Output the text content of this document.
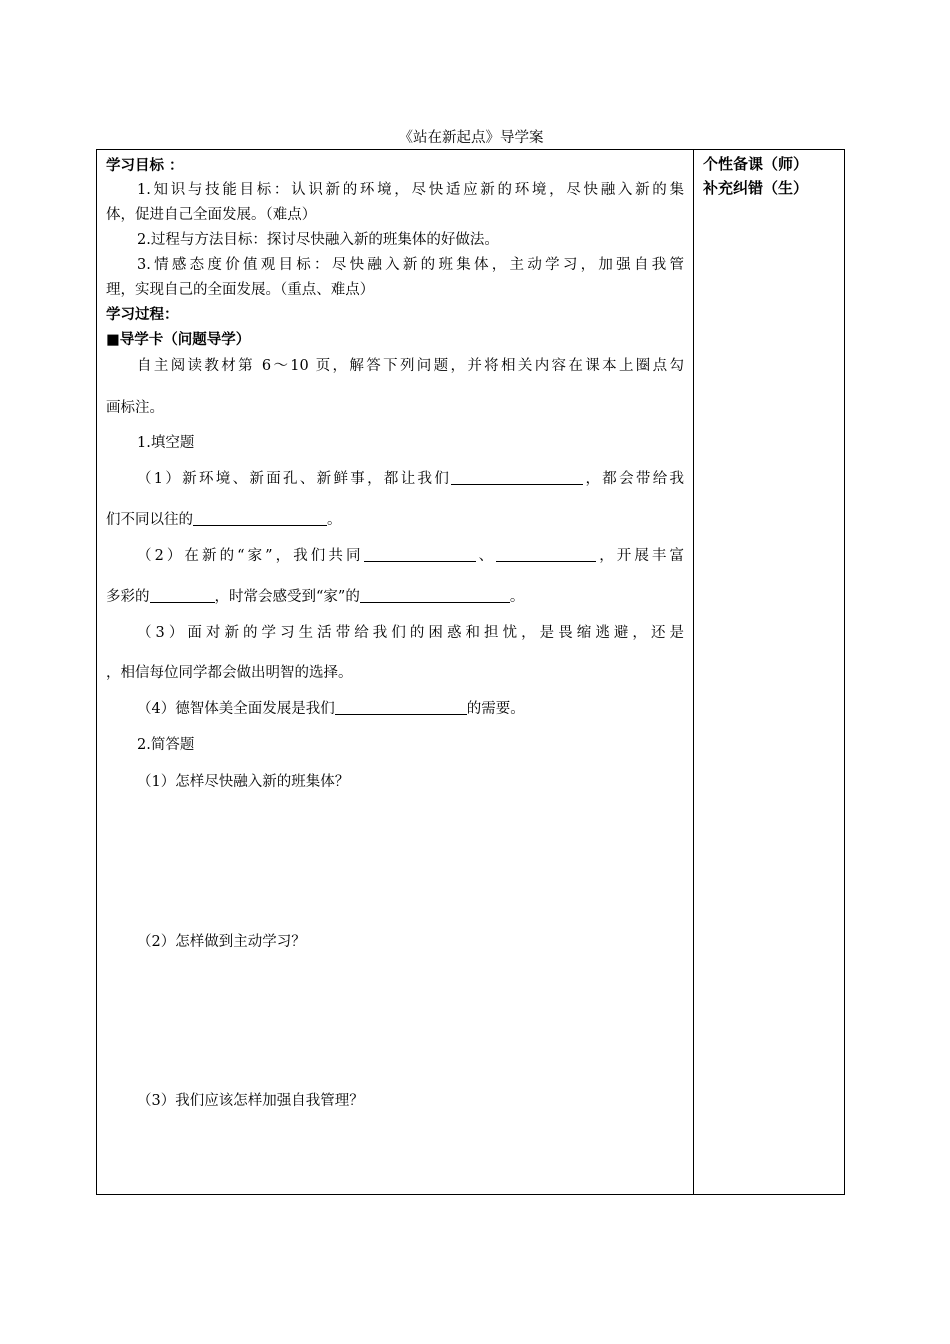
《站在新起点》导学案
个性备课（师）
补充纠错（生）
学习目标 ：
1.知识与技能目标：认识新的环境，尽快适应新的环境，尽快融入新的集
体，促进自己全面发展。（难点）
2.过程与方法目标：探讨尽快融入新的班集体的好做法。
3.情感态度价值观目标：尽快融入新的班集体，主动学习，加强自我管
理，实现自己的全面发展。（重点、难点）
学习过程：
■导学卡（问题导学）
自主阅读教材第 6～10 页，解答下列问题，并将相关内容在课本上圈点勾
画标注。
1.填空题
（1）新环境、新面孔、新鲜事，都让我们	，都会带给我
们不同以往的	。
（2）在新的“家”，我们共同	、	，开展丰富
多彩的	，时常会感受到“家”的	。
（3）面对新的学习生活带给我们的困惑和担忧，是畏缩逃避，还是
，相信每位同学都会做出明智的选择。
（4）德智体美全面发展是我们	的需要。
2.简答题
（1）怎样尽快融入新的班集体？
（2）怎样做到主动学习？
（3）我们应该怎样加强自我管理？
